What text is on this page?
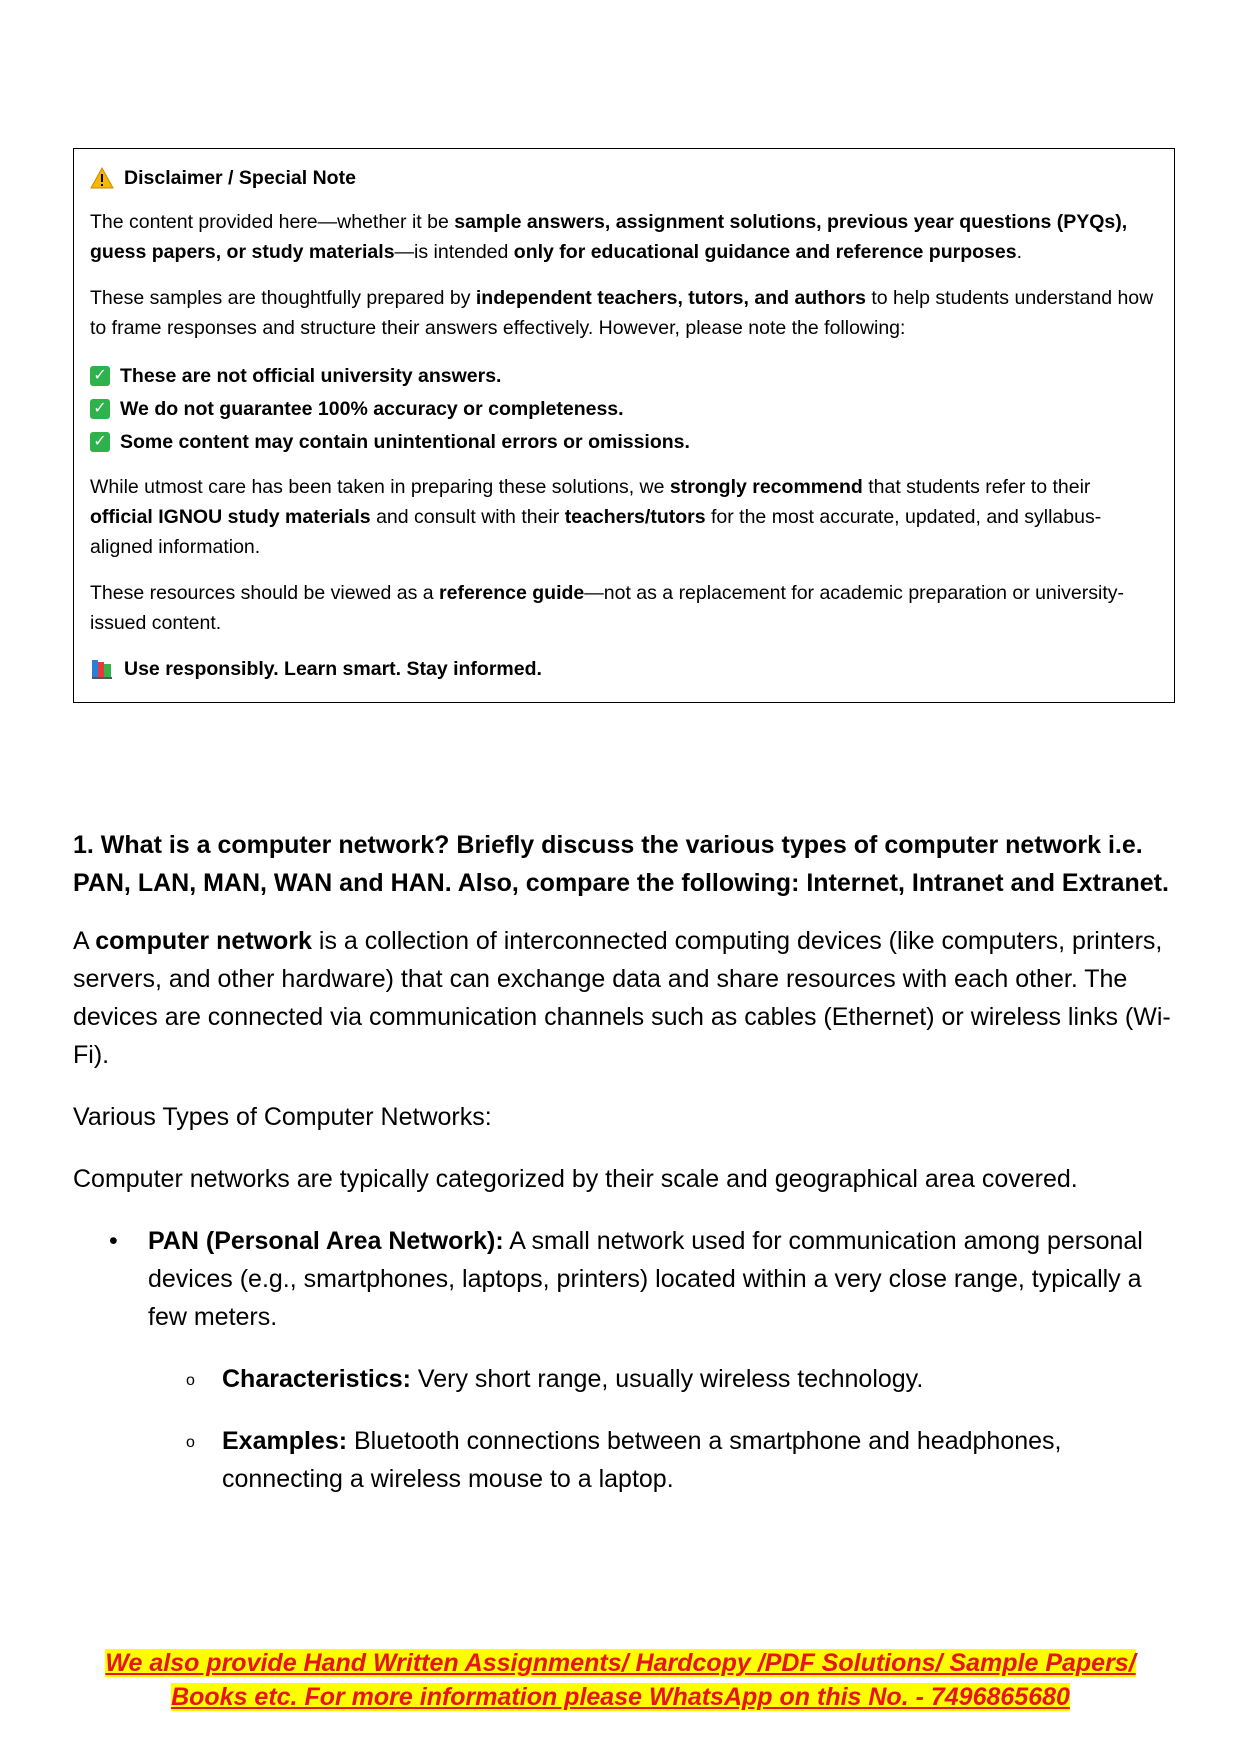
Disclaimer / Special Note

The content provided here—whether it be sample answers, assignment solutions, previous year questions (PYQs), guess papers, or study materials—is intended only for educational guidance and reference purposes.

These samples are thoughtfully prepared by independent teachers, tutors, and authors to help students understand how to frame responses and structure their answers effectively. However, please note the following:

✓ These are not official university answers.
✓ We do not guarantee 100% accuracy or completeness.
✓ Some content may contain unintentional errors or omissions.

While utmost care has been taken in preparing these solutions, we strongly recommend that students refer to their official IGNOU study materials and consult with their teachers/tutors for the most accurate, updated, and syllabus-aligned information.

These resources should be viewed as a reference guide—not as a replacement for academic preparation or university-issued content.

Use responsibly. Learn smart. Stay informed.

1. What is a computer network? Briefly discuss the various types of computer network i.e. PAN, LAN, MAN, WAN and HAN. Also, compare the following: Internet, Intranet and Extranet.

A computer network is a collection of interconnected computing devices (like computers, printers, servers, and other hardware) that can exchange data and share resources with each other. The devices are connected via communication channels such as cables (Ethernet) or wireless links (Wi-Fi).

Various Types of Computer Networks:

Computer networks are typically categorized by their scale and geographical area covered.

• PAN (Personal Area Network): A small network used for communication among personal devices (e.g., smartphones, laptops, printers) located within a very close range, typically a few meters.

o Characteristics: Very short range, usually wireless technology.

o Examples: Bluetooth connections between a smartphone and headphones, connecting a wireless mouse to a laptop.

We also provide Hand Written Assignments/ Hardcopy /PDF Solutions/ Sample Papers/
Books etc. For more information please WhatsApp on this No. - 7496865680
